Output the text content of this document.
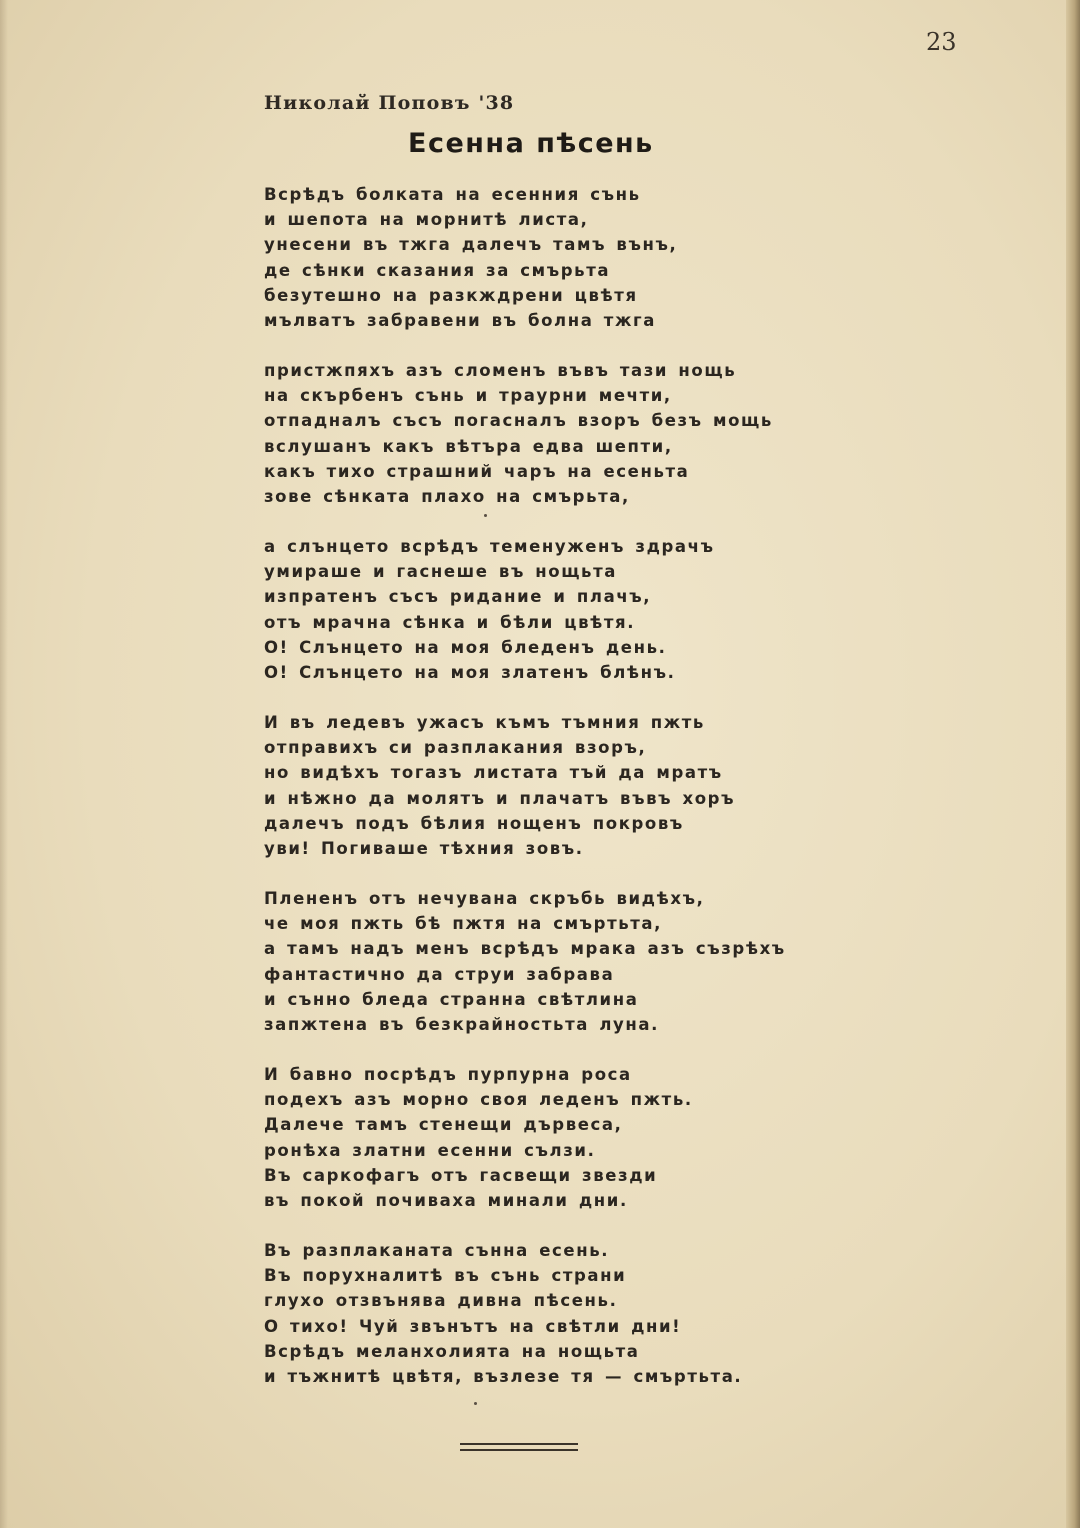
23
Николай Поповъ '38
Есенна пѣсень
Всрѣдъ болката на есенния сънь
и шепота на морнитѣ листа,
унесени въ тжга далечъ тамъ вънъ,
де сѣнки сказания за смърьта
безутешно на разкждрени цвѣтя
мълватъ забравени въ болна тжга
пристжпяхъ азъ сломенъ въвъ тази нощь
на скърбенъ сънь и траурни мечти,
отпадналъ съсъ погасналъ взоръ безъ мощь
вслушанъ какъ вѣтъра едва шепти,
какъ тихо страшний чаръ на есеньта
зове сѣнката плахо на смърьта,
а слънцето всрѣдъ теменуженъ здрачъ
умираше и гаснеше въ нощьта
изпратенъ съсъ ридание и плачъ,
отъ мрачна сѣнка и бѣли цвѣтя.
О! Слънцето на моя бледенъ день.
О! Слънцето на моя златенъ блѣнъ.
И въ ледевъ ужасъ къмъ тъмния пжть
отправихъ си разплакания взоръ,
но видѣхъ тогазъ листата тъй да мратъ
и нѣжно да молятъ и плачатъ въвъ хоръ
далечъ подъ бѣлия нощенъ покровъ
уви! Погиваше тѣхния зовъ.
Плененъ отъ нечувана скръбь видѣхъ,
че моя пжть бѣ пжтя на смъртьта,
а тамъ надъ менъ всрѣдъ мрака азъ съзрѣхъ
фантастично да струи забрава
и сънно бледа странна свѣтлина
запжтена въ безкрайностьта луна.
И бавно посрѣдъ пурпурна роса
подехъ азъ морно своя леденъ пжть.
Далече тамъ стенещи дървеса,
ронѣха златни есенни сълзи.
Въ саркофагъ отъ гасвещи звезди
въ покой почиваха минали дни.
Въ разплаканата сънна есень.
Въ порухналитѣ въ сънь страни
глухо отзвънява дивна пѣсень.
О тихо! Чуй звънътъ на свѣтли дни!
Всрѣдъ меланхолията на нощьта
и тъжнитѣ цвѣтя, възлезе тя — смъртьта.
